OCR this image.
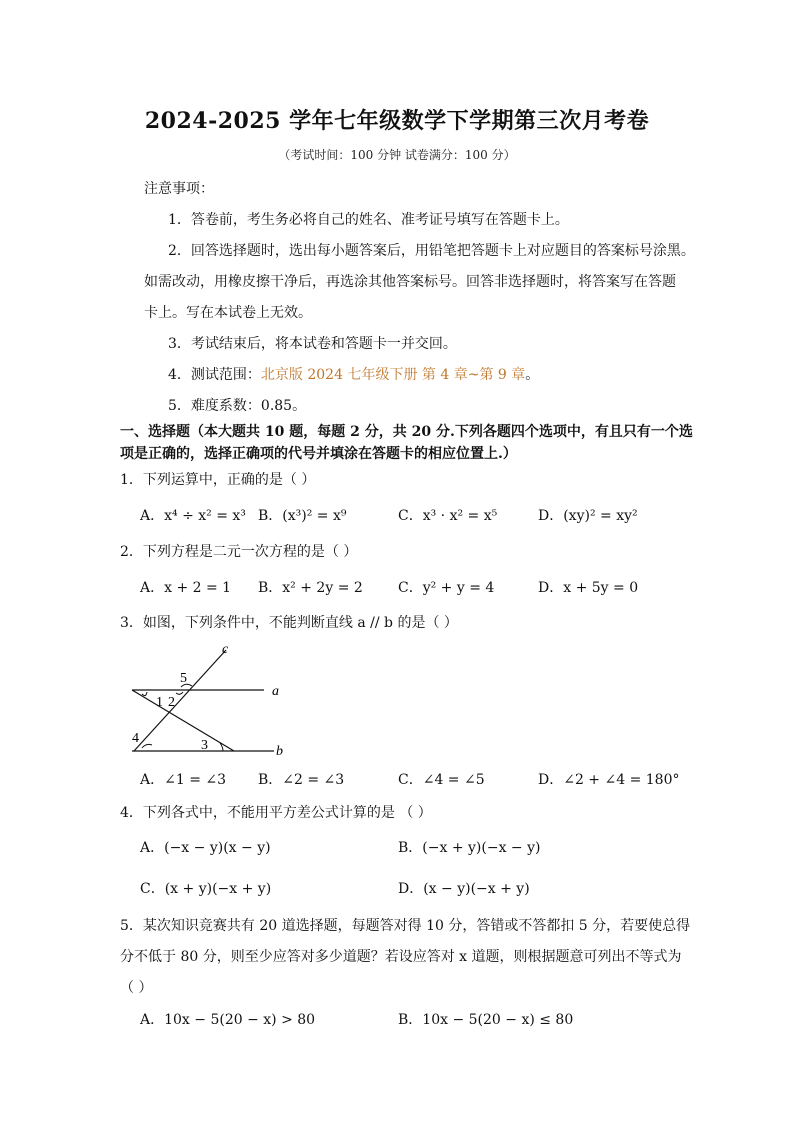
2024-2025 学年七年级数学下学期第三次月考卷
（考试时间：100 分钟 试卷满分：100 分）
注意事项：
1．答卷前，考生务必将自己的姓名、准考证号填写在答题卡上。
2．回答选择题时，选出每小题答案后，用铅笔把答题卡上对应题目的答案标号涂黑。
如需改动，用橡皮擦干净后，再选涂其他答案标号。回答非选择题时，将答案写在答题
卡上。写在本试卷上无效。
3．考试结束后，将本试卷和答题卡一并交回。
4．测试范围：北京版 2024 七年级下册 第 4 章~第 9 章。
5．难度系数：0.85。
一、选择题（本大题共 10 题，每题 2 分，共 20 分.下列各题四个选项中，有且只有一个选
项是正确的，选择正确项的代号并填涂在答题卡的相应位置上.）
1．下列运算中，正确的是（ ）
A．x⁴ ÷ x² = x³ B．(x³)² = x⁹	C．x³ · x² = x⁵	D．(xy)² = xy²
2．下列方程是二元一次方程的是（ ）
A．x + 2 = 1 B．x² + 2y = 2	C．y² + y = 4	D．x + 5y = 0
3．如图，下列条件中，不能判断直线 a // b 的是（ ）
c
a
b
1 2
3
4
5
A．∠1 = ∠3 B．∠2 = ∠3	C．∠4 = ∠5	D．∠2 + ∠4 = 180°
4．下列各式中，不能用平方差公式计算的是 （ ）
A．(−x − y)(x − y)	B．(−x + y)(−x − y)
C．(x + y)(−x + y)	D．(x − y)(−x + y)
5．某次知识竞赛共有 20 道选择题，每题答对得 10 分，答错或不答都扣 5 分，若要使总得
分不低于 80 分，则至少应答对多少道题？若设应答对 x 道题，则根据题意可列出不等式为
（ ）
A．10x − 5(20 − x) > 80	B．10x − 5(20 − x) ≤ 80
